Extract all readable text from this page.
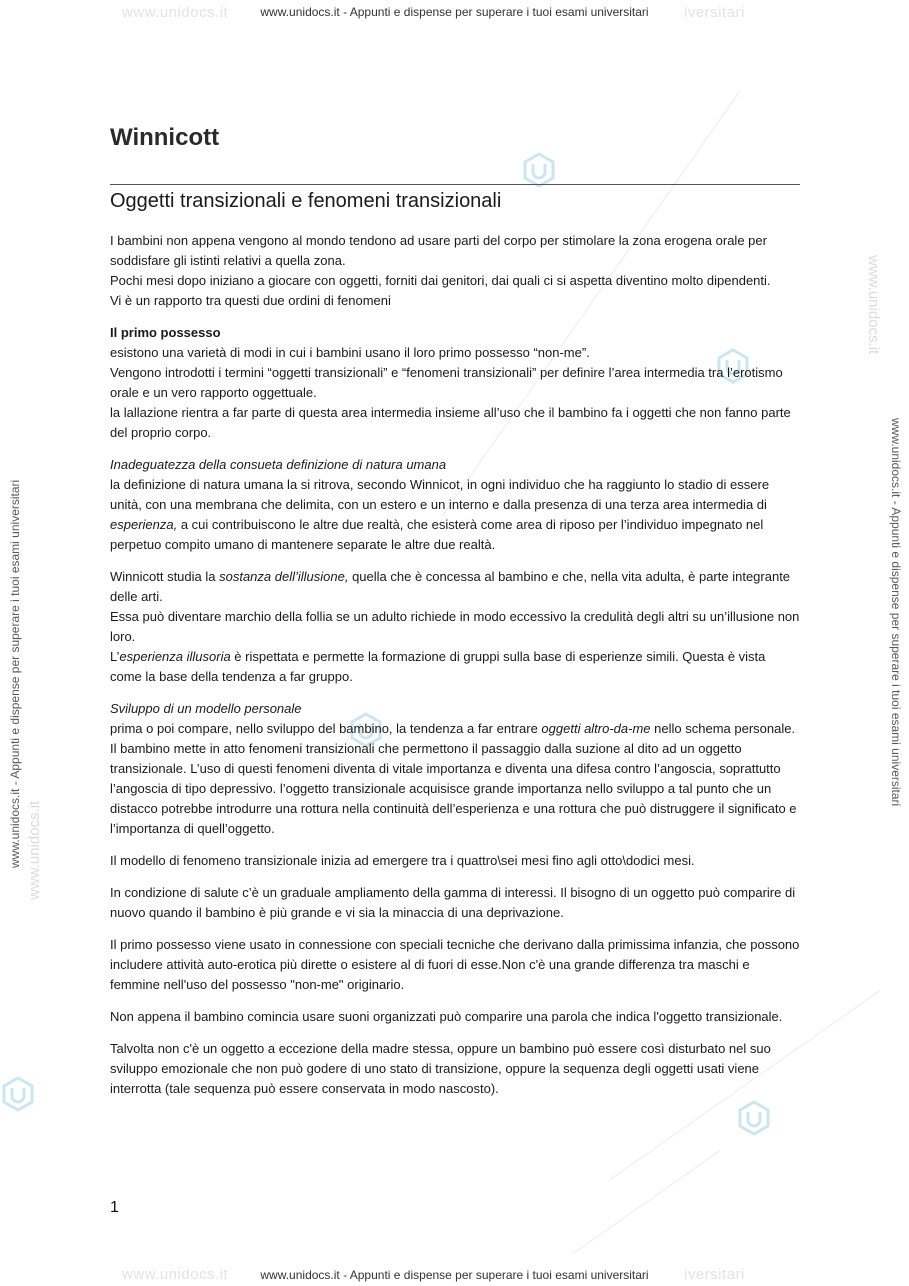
www.unidocs.it	iversitari
www.unidocs.it	iversitari
www.unidocs.it - Appunti e dispense per superare i tuoi esami universitari
www.unidocs.it - Appunti e dispense per superare i tuoi esami universitari
www.unidocs.it - Appunti e dispense per superare i tuoi esami universitari	www.unidocs.it - Appunti e dispense per superare i tuoi esami universitari
www.unidocs.it
www.unidocs.it
Winnicott
Oggetti transizionali e fenomeni transizionali

I bambini non appena vengono al mondo tendono ad usare parti del corpo per stimolare la zona erogena orale per soddisfare gli istinti relativi a quella zona.
Pochi mesi dopo iniziano a giocare con oggetti, forniti dai genitori, dai quali ci si aspetta diventino molto dipendenti.
Vi è un rapporto tra questi due ordini di fenomeni

Il primo possesso
esistono una varietà di modi in cui i bambini usano il loro primo possesso “non-me”.
Vengono introdotti i termini “oggetti transizionali” e “fenomeni transizionali” per definire l’area intermedia tra l’erotismo orale e un vero rapporto oggettuale.
la lallazione rientra a far parte di questa area intermedia insieme all’uso che il bambino fa i oggetti che non fanno parte del proprio corpo.

Inadeguatezza della consueta definizione di natura umana
la definizione di natura umana la si ritrova, secondo Winnicot, in ogni individuo che ha raggiunto lo stadio di essere unità, con una membrana che delimita, con un estero e un interno e dalla presenza di una terza area intermedia di esperienza, a cui contribuiscono le altre due realtà, che esisterà come area di riposo per l’individuo impegnato nel perpetuo compito umano di mantenere separate le altre due realtà.

Winnicott studia la sostanza dell’illusione, quella che è concessa al bambino e che, nella vita adulta, è parte integrante delle arti.
Essa può diventare marchio della follia se un adulto richiede in modo eccessivo la credulità degli altri su un’illusione non loro.
L’esperienza illusoria è rispettata e permette la formazione di gruppi sulla base di esperienze simili. Questa è vista come la base della tendenza a far gruppo.

Sviluppo di un modello personale
prima o poi compare, nello sviluppo del bambino, la tendenza a far entrare oggetti altro-da-me nello schema personale. Il bambino mette in atto fenomeni transizionali che permettono il passaggio dalla suzione al dito ad un oggetto transizionale. L’uso di questi fenomeni diventa di vitale importanza e diventa una difesa contro l’angoscia, soprattutto l’angoscia di tipo depressivo. l’oggetto transizionale acquisisce grande importanza nello sviluppo a tal punto che un distacco potrebbe introdurre una rottura nella continuità dell’esperienza e una rottura che può distruggere il significato e l’importanza di quell’oggetto.

Il modello di fenomeno transizionale inizia ad emergere tra i quattro\sei mesi fino agli otto\dodici mesi.

In condizione di salute c’è un graduale ampliamento della gamma di interessi. Il bisogno di un oggetto può comparire di nuovo quando il bambino è più grande e vi sia la minaccia di una deprivazione.

Il primo possesso viene usato in connessione con speciali tecniche che derivano dalla primissima infanzia, che possono includere attività auto-erotica più dirette o esistere al di fuori di esse.Non c'è una grande differenza tra maschi e femmine nell'uso del possesso "non-me" originario.

Non appena il bambino comincia usare suoni organizzati può comparire una parola che indica l'oggetto transizionale.

Talvolta non c'è un oggetto a eccezione della madre stessa, oppure un bambino può essere così disturbato nel suo sviluppo emozionale che non può godere di uno stato di transizione, oppure la sequenza degli oggetti usati viene interrotta (tale sequenza può essere conservata in modo nascosto).

1
